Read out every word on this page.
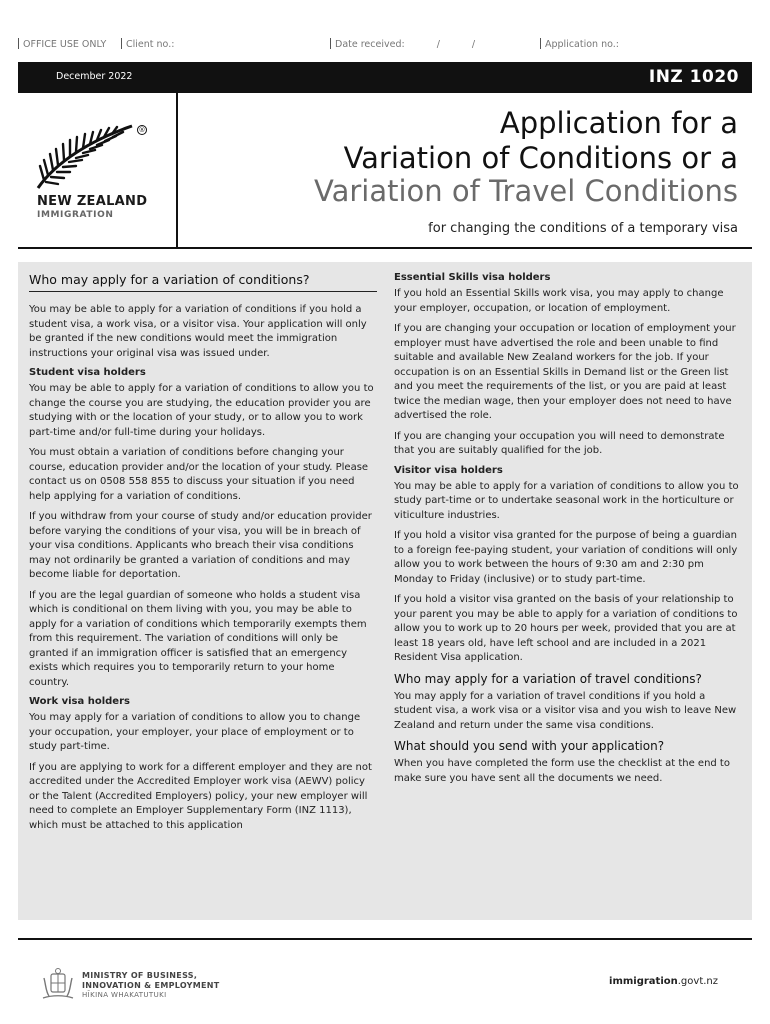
OFFICE USE ONLY	Client no.:	Date received:	/	/	Application no.:
December 2022	INZ 1020
®
NEW ZEALAND
IMMIGRATION
Application for a
Variation of Conditions or a
Variation of Travel Conditions
for changing the conditions of a temporary visa
Who may apply for a variation of conditions?

You may be able to apply for a variation of conditions if you hold a student visa, a work visa, or a visitor visa. Your application will only be granted if the new conditions would meet the immigration instructions your original visa was issued under.

Student visa holders

You may be able to apply for a variation of conditions to allow you to change the course you are studying, the education provider you are studying with or the location of your study, or to allow you to work part-time and/or full-time during your holidays.

You must obtain a variation of conditions before changing your course, education provider and/or the location of your study. Please contact us on 0508 558 855 to discuss your situation if you need help applying for a variation of conditions.

If you withdraw from your course of study and/or education provider before varying the conditions of your visa, you will be in breach of your visa conditions. Applicants who breach their visa conditions may not ordinarily be granted a variation of conditions and may become liable for deportation.

If you are the legal guardian of someone who holds a student visa which is conditional on them living with you, you may be able to apply for a variation of conditions which temporarily exempts them from this requirement. The variation of conditions will only be granted if an immigration officer is satisfied that an emergency exists which requires you to temporarily return to your home country.

Work visa holders

You may apply for a variation of conditions to allow you to change your occupation, your employer, your place of employment or to study part-time.

If you are applying to work for a different employer and they are not accredited under the Accredited Employer work visa (AEWV) policy or the Talent (Accredited Employers) policy, your new employer will need to complete an Employer Supplementary Form (INZ 1113), which must be attached to this application

Essential Skills visa holders

If you hold an Essential Skills work visa, you may apply to change your employer, occupation, or location of employment.

If you are changing your occupation or location of employment your employer must have advertised the role and been unable to find suitable and available New Zealand workers for the job. If your occupation is on an Essential Skills in Demand list or the Green list and you meet the requirements of the list, or you are paid at least twice the median wage, then your employer does not need to have advertised the role.

If you are changing your occupation you will need to demonstrate that you are suitably qualified for the job.

Visitor visa holders

You may be able to apply for a variation of conditions to allow you to study part-time or to undertake seasonal work in the horticulture or viticulture industries.

If you hold a visitor visa granted for the purpose of being a guardian to a foreign fee-paying student, your variation of conditions will only allow you to work between the hours of 9:30 am and 2:30 pm Monday to Friday (inclusive) or to study part-time.

If you hold a visitor visa granted on the basis of your relationship to your parent you may be able to apply for a variation of conditions to allow you to work up to 20 hours per week, provided that you are at least 18 years old, have left school and are included in a 2021 Resident Visa application.

Who may apply for a variation of travel conditions?

You may apply for a variation of travel conditions if you hold a student visa, a work visa or a visitor visa and you wish to leave New Zealand and return under the same visa conditions.

What should you send with your application?

When you have completed the form use the checklist at the end to make sure you have sent all the documents we need.

MINISTRY OF BUSINESS,
INNOVATION & EMPLOYMENT
HĪKINA WHAKATUTUKI
immigration.govt.nz
